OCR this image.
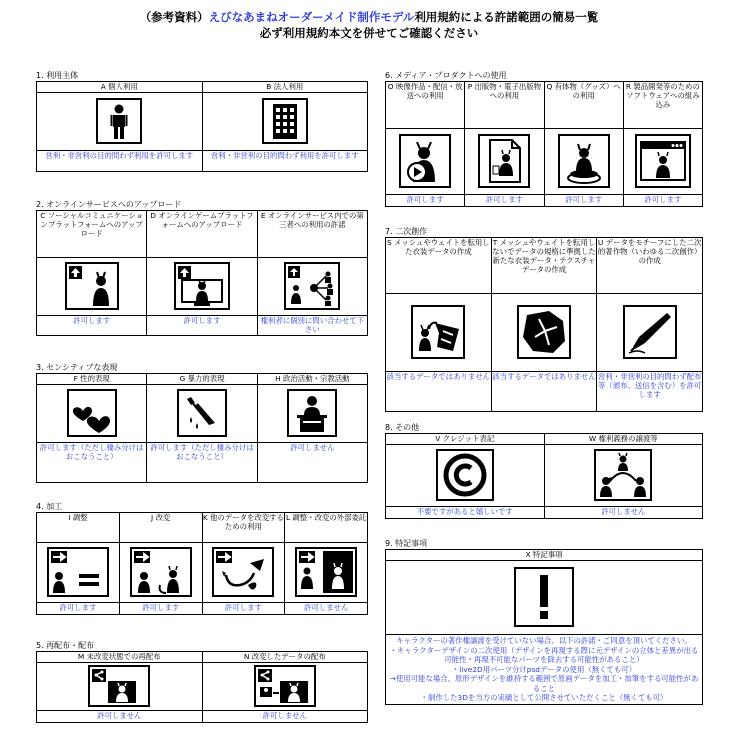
（参考資料）えびなあまねオーダーメイド制作モデル利用規約による許諾範囲の簡易一覧
必ず利用規約本文を併せてご確認ください
1. 利用主体
A 個人利用	B 法人利用

営利・非営利の目的問わず利用を許可します	営利・非営利の目的問わず利用を許可します
2. オンラインサービスへのアップロード
C ソーシャルコミュニケーションプラットフォームへのアップロード	D オンラインゲームプラットフォームへのアップロード	E オンラインサービス内での第三者への利用の許諾

許可します	許可します	権利者に個別に問い合わせて下さい
3. センシティブな表現
F 性的表現	G 暴力的表現	H 政治活動・宗教活動

許可します（ただし棲み分けはおこなうこと）	許可します（ただし棲み分けはおこなうこと）	許可しません
4. 加工
I 調整	J 改変	K 他のデータを改変するための利用	L 調整・改変の外部委託

許可します	許可します	許可します	許可しません
5. 再配布・配布
M 未改変状態での再配布	N 改変したデータの配布

許可しません	許可しません
6. メディア・プロダクトへの使用
O 映像作品・配信・放送への利用	P 出版物・電子出版物への利用	Q 有体物（グッズ）への利用	R 製品開発等のためのソフトウェアへの組み込み

許可します	許可します	許可します	許可します
7. 二次創作
S メッシュやウェイトを転用した衣装データの作成	T メッシュやウェイトを転用しないでデータの規格に準拠した新たな衣装データ・テクスチャデータの作成	U データをモチーフにした二次的著作物（いわゆる二次創作）の作成

該当するデータではありません	該当するデータではありません	営利・非営利の目的問わず配布等（頒布、送信を含む）を許可します
8. その他
V クレジット表記	W 権利義務の譲渡等

不要ですがあると嬉しいです	許可しません
9. 特記事項
X 特記事項

キャラクターの著作権譲渡を受けていない場合、以下の許諾・ご同意を頂いてください。
・キャラクターデザインの二次使用（デザインを再現する際に元デザインの立体と差異が出る可能性・再現不可能なパーツを除去する可能性があること）
・live2D用パーツ分けpsdデータの使用（無くても可）
→使用可能な場合、原形デザインを維持する範囲で原画データを加工・加筆をする可能性があること
・制作した3Dを当方の実績として公開させていただくこと（無くても可）
